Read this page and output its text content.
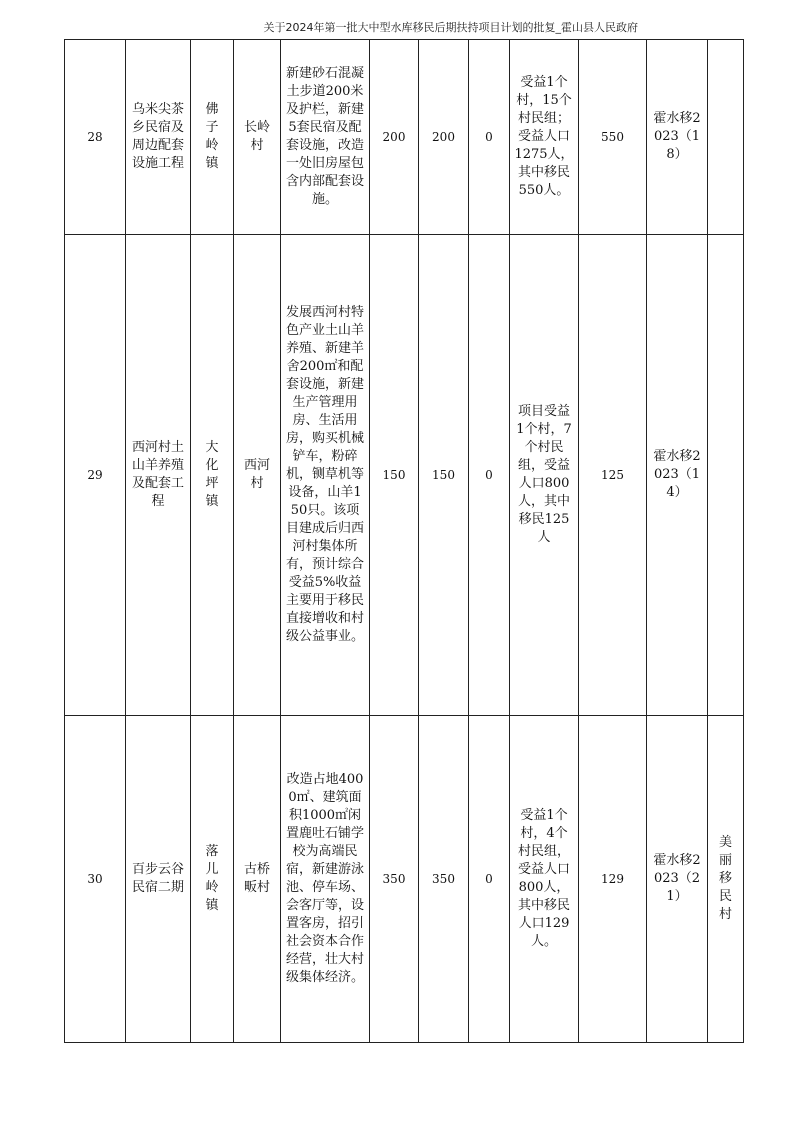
关于2024年第一批大中型水库移民后期扶持项目计划的批复_霍山县人民政府
28	乌米尖茶乡民宿及周边配套设施工程	佛子岭镇	长岭村	新建砂石混凝土步道200米及护栏，新建5套民宿及配套设施，改造一处旧房屋包含内部配套设施。	200	200	0	受益1个村，15个村民组；受益人口1275人，其中移民550人。	550	霍水移2023（18）	

29	西河村土山羊养殖及配套工程	大化坪镇	西河村	发展西河村特色产业土山羊养殖、新建羊舍200㎡和配套设施，新建生产管理用房、生活用房，购买机械铲车，粉碎机，铡草机等设备，山羊150只。该项目建成后归西河村集体所有，预计综合受益5%收益主要用于移民直接增收和村级公益事业。	150	150	0	项目受益1个村，7个村民组，受益人口800人，其中移民125人	125	霍水移2023（14）	

30	百步云谷民宿二期	落儿岭镇	古桥畈村	改造占地4000㎡、建筑面积1000㎡闲置鹿吐石铺学校为高端民宿，新建游泳池、停车场、会客厅等，设置客房，招引社会资本合作经营，壮大村级集体经济。	350	350	0	受益1个村，4个村民组，受益人口800人，其中移民人口129人。	129	霍水移2023（21）	美丽移民村
